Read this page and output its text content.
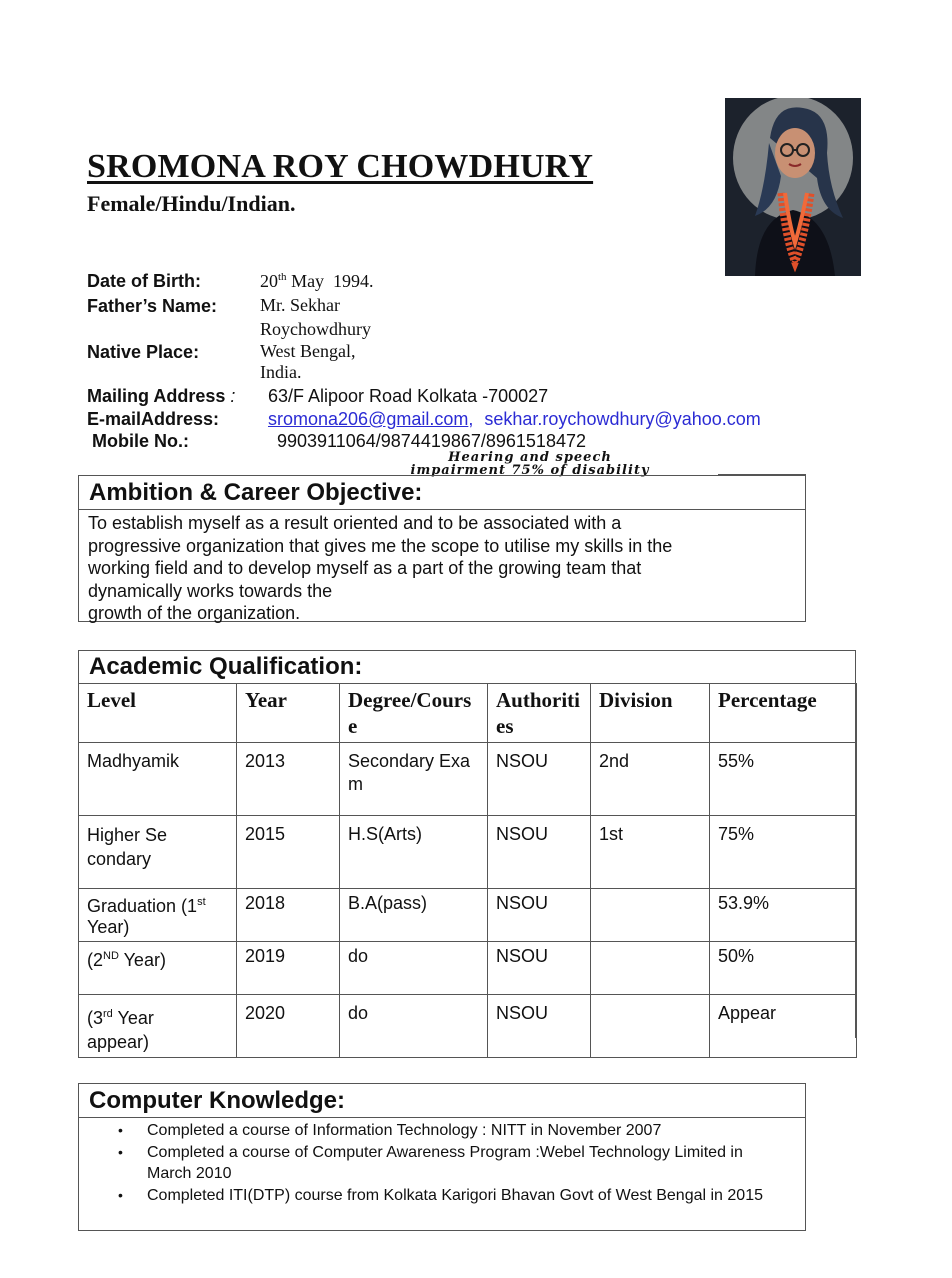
SROMONA ROY CHOWDHURY
Female/Hindu/Indian.
Date of Birth:	20th May  1994.
Father’s Name: Mr. Sekhar
Roychowdhury
Native Place:	West Bengal,
India.
Mailing Address : 63/F Alipoor Road Kolkata -700027
E-mailAddress:	sromona206@gmail.com, sekhar.roychowdhury@yahoo.com
Mobile No.:	9903911064/9874419867/8961518472
Hearing and speech
impairment 75% of disability
Ambition & Career Objective:
To establish myself as a result oriented and to be associated with a
progressive organization that gives me the scope to utilise my skills in the
working field and to develop myself as a part of the growing team that
dynamically works towards the
growth of the organization.
Academic Qualification:
Level	Year	Degree/Course	Authorities	Division	Percentage
Madhyamik	2013	Secondary Exam	NSOU	2nd	55%
Higher Secondary	2015	H.S(Arts)	NSOU	1st	75%
Graduation (1st Year)	2018	B.A(pass)	NSOU		53.9%
(2ND Year)	2019	do	NSOU		50%
(3rd Year appear)	2020	do	NSOU		Appear
Computer Knowledge:
• Completed a course of Information Technology : NITT in November 2007
• Completed a course of Computer Awareness Program :Webel Technology Limited in March 2010
• Completed ITI(DTP) course from Kolkata Karigori Bhavan Govt of West Bengal in 2015
